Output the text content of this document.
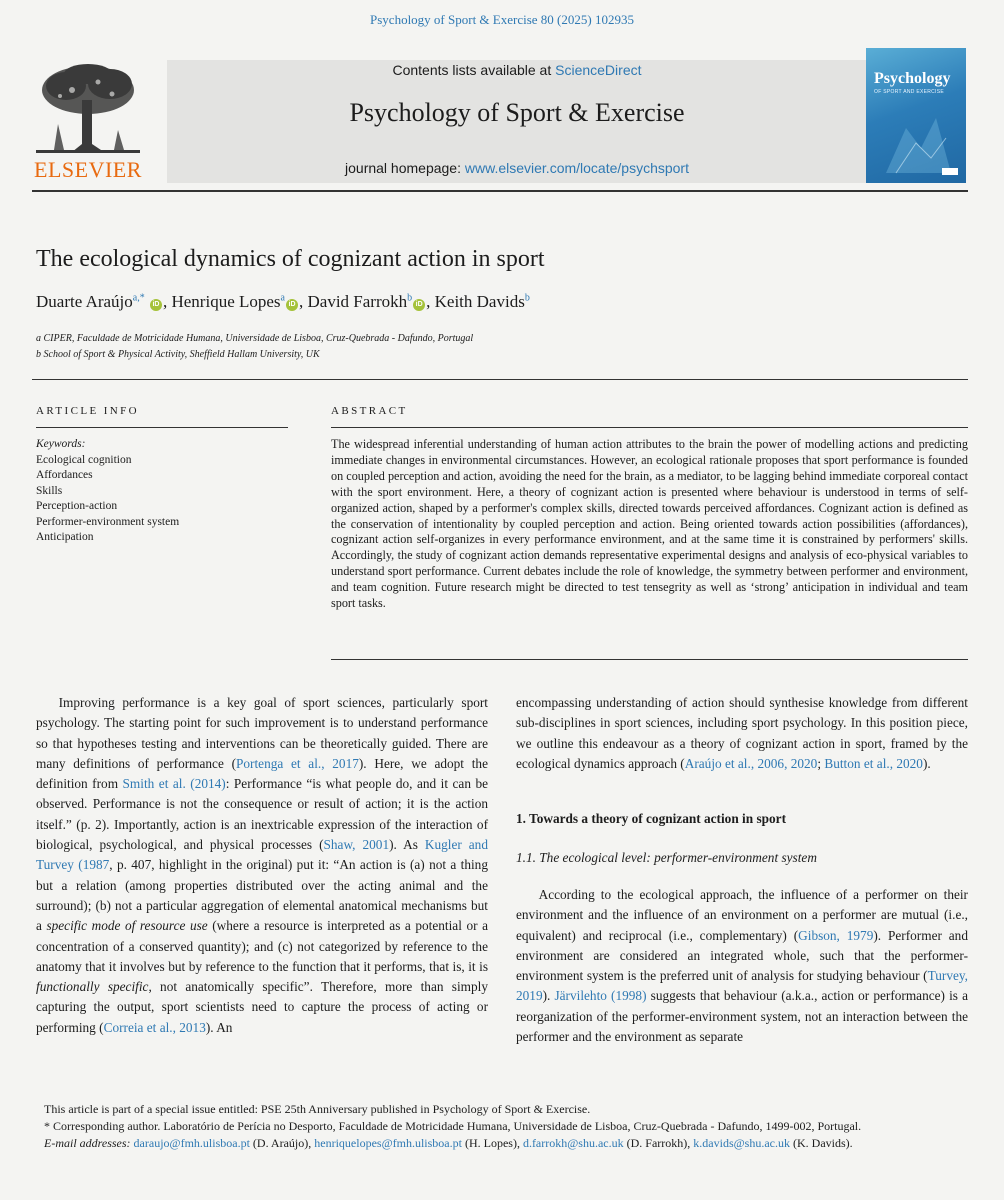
Psychology of Sport & Exercise 80 (2025) 102935
ELSEVIER
Contents lists available at ScienceDirect
Psychology of Sport & Exercise
journal homepage: www.elsevier.com/locate/psychsport
Psychology
OF SPORT AND EXERCISE
The ecological dynamics of cognizant action in sport
Duarte Araújo$^{a,*}$ iD , Henrique Lopes$^a$iD , David Farrokh$^b$iD , Keith Davids$^b$
a CIPER, Faculdade de Motricidade Humana, Universidade de Lisboa, Cruz-Quebrada - Dafundo, Portugal
b School of Sport & Physical Activity, Sheffield Hallam University, UK
ARTICLE INFO
Keywords:
Ecological cognition
Affordances
Skills
Perception-action
Performer-environment system
Anticipation
ABSTRACT
The widespread inferential understanding of human action attributes to the brain the power of modelling actions and predicting immediate changes in environmental circumstances. However, an ecological rationale proposes that sport performance is founded on coupled perception and action, avoiding the need for the brain, as a mediator, to be lagging behind immediate corporeal contact with the sport environment. Here, a theory of cognizant action is presented where behaviour is understood in terms of self-organized action, shaped by a performer's complex skills, directed towards perceived affordances. Cognizant action is defined as the conservation of intentionality by coupled perception and action. Being oriented towards action possibilities (affordances), cognizant action self-organizes in every performance environment, and at the same time it is constrained by performers' skills. Accordingly, the study of cognizant action demands representative experimental designs and analysis of eco-physical variables to understand sport performance. Current debates include the role of knowledge, the symmetry between performer and environment, and team cognition. Future research might be directed to test tensegrity as well as ‘strong’ anticipation in individual and team sport tasks.
Improving performance is a key goal of sport sciences, particularly sport psychology. The starting point for such improvement is to understand performance so that hypotheses testing and interventions can be theoretically guided. There are many definitions of performance (Portenga et al., 2017). Here, we adopt the definition from Smith et al. (2014): Performance “is what people do, and it can be observed. Performance is not the consequence or result of action; it is the action itself.” (p. 2). Importantly, action is an inextricable expression of the interaction of biological, psychological, and physical processes (Shaw, 2001). As Kugler and Turvey (1987, p. 407, highlight in the original) put it: “An action is (a) not a thing but a relation (among properties distributed over the acting animal and the surround); (b) not a particular aggregation of elemental anatomical mechanisms but a specific mode of resource use (where a resource is interpreted as a potential or a concentration of a conserved quantity); and (c) not categorized by reference to the anatomy that it involves but by reference to the function that it performs, that is, it is functionally specific, not anatomically specific”. Therefore, more than simply capturing the output, sport scientists need to capture the process of acting or performing (Correia et al., 2013). An
encompassing understanding of action should synthesise knowledge from different sub-disciplines in sport sciences, including sport psychology. In this position piece, we outline this endeavour as a theory of cognizant action in sport, framed by the ecological dynamics approach (Araújo et al., 2006, 2020; Button et al., 2020).
1. Towards a theory of cognizant action in sport
1.1. The ecological level: performer-environment system
According to the ecological approach, the influence of a performer on their environment and the influence of an environment on a performer are mutual (i.e., equivalent) and reciprocal (i.e., complementary) (Gibson, 1979). Performer and environment are considered an integrated whole, such that the performer-environment system is the preferred unit of analysis for studying behaviour (Turvey, 2019). Järvilehto (1998) suggests that behaviour (a.k.a., action or performance) is a reorganization of the performer-environment system, not an interaction between the performer and the environment as separate

This article is part of a special issue entitled: PSE 25th Anniversary published in Psychology of Sport & Exercise.

* Corresponding author. Laboratório de Perícia no Desporto, Faculdade de Motricidade Humana, Universidade de Lisboa, Cruz-Quebrada - Dafundo, 1499-002, Portugal.

E-mail addresses: daraujo@fmh.ulisboa.pt (D. Araújo), henriquelopes@fmh.ulisboa.pt (H. Lopes), d.farrokh@shu.ac.uk (D. Farrokh), k.davids@shu.ac.uk (K. Davids).
